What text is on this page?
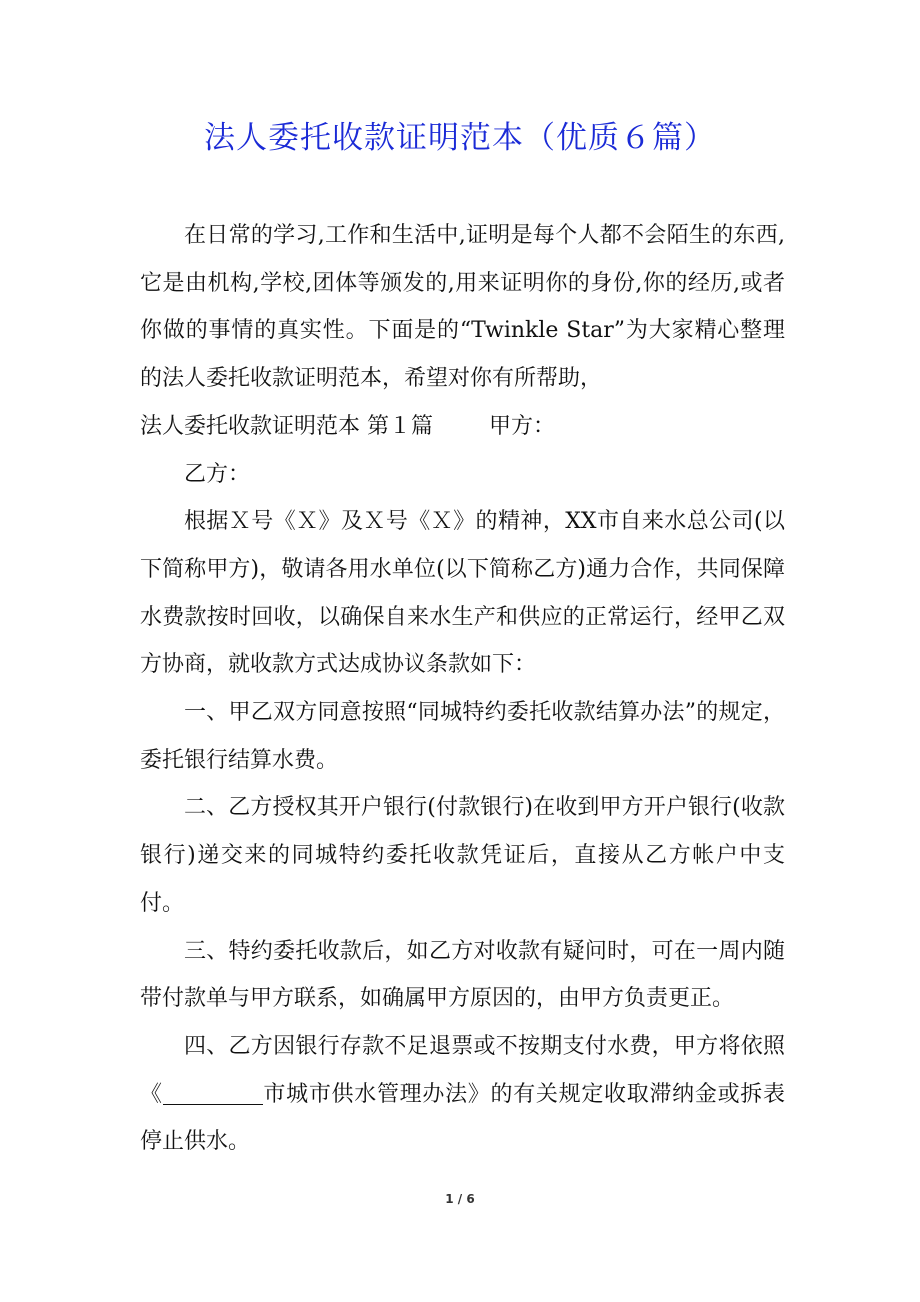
法人委托收款证明范本（优质６篇）

在日常的学习,工作和生活中,证明是每个人都不会陌生的东西,它是由机构,学校,团体等颁发的,用来证明你的身份,你的经历,或者你做的事情的真实性。下面是的“Twinkle Star”为大家精心整理的法人委托收款证明范本，希望对你有所帮助，

法人委托收款证明范本 第１篇	甲方：

乙方：

根据Ｘ号《Ｘ》及Ｘ号《Ｘ》的精神，XX市自来水总公司(以下简称甲方)，敬请各用水单位(以下简称乙方)通力合作，共同保障水费款按时回收，以确保自来水生产和供应的正常运行，经甲乙双方协商，就收款方式达成协议条款如下：

一、甲乙双方同意按照“同城特约委托收款结算办法”的规定，委托银行结算水费。

二、乙方授权其开户银行(付款银行)在收到甲方开户银行(收款银行)递交来的同城特约委托收款凭证后，直接从乙方帐户中支付。

三、特约委托收款后，如乙方对收款有疑问时，可在一周内随带付款单与甲方联系，如确属甲方原因的，由甲方负责更正。

四、乙方因银行存款不足退票或不按期支付水费，甲方将依照《	市城市供水管理办法》的有关规定收取滞纳金或拆表停止供水。

1 / 6
